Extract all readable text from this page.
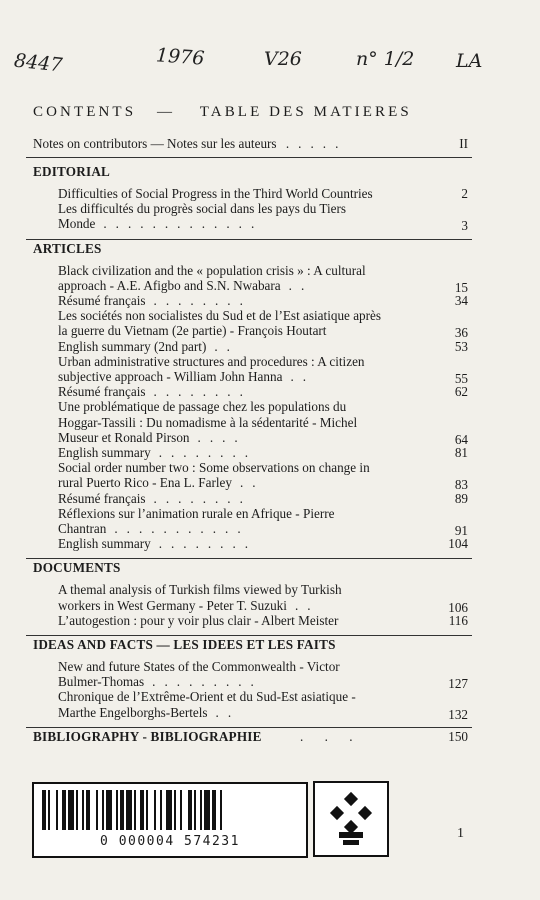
8447	1976	V26	n° 1/2 LA
CONTENTS — TABLE DES MATIERES
Notes on contributors — Notes sur les auteurs .....	II
EDITORIAL
Difficulties of Social Progress in the Third World Countries	2
Les difficultés du progrès social dans les pays du Tiers
Monde .............	3
ARTICLES
Black civilization and the « population crisis » : A cultural
approach - A.E. Afigbo and S.N. Nwabara ..	15
Résumé français ........	34
Les sociétés non socialistes du Sud et de l’Est asiatique après
la guerre du Vietnam (2e partie) - François Houtart	36
English summary (2nd part) ..	53
Urban administrative structures and procedures : A citizen
subjective approach - William John Hanna ..	55
Résumé français ........	62
Une problématique de passage chez les populations du
Hoggar-Tassili : Du nomadisme à la sédentarité - Michel
Museur et Ronald Pirson ....	64
English summary ........	81
Social order number two : Some observations on change in
rural Puerto Rico - Ena L. Farley ..	83
Résumé français ........	89
Réflexions sur l’animation rurale en Afrique - Pierre
Chantran ...........	91
English summary ........	104
DOCUMENTS
A themal analysis of Turkish films viewed by Turkish
workers in West Germany - Peter T. Suzuki ..	106
L’autogestion : pour y voir plus clair - Albert Meister	116
IDEAS AND FACTS — LES IDEES ET LES FAITS
New and future States of the Commonwealth - Victor
Bulmer-Thomas .........	127
Chronique de l’Extrême-Orient et du Sud-Est asiatique -
Marthe Engelborghs-Bertels ..	132
BIBLIOGRAPHY - BIBLIOGRAPHIE	. . .	150
0 000004 574231
1
